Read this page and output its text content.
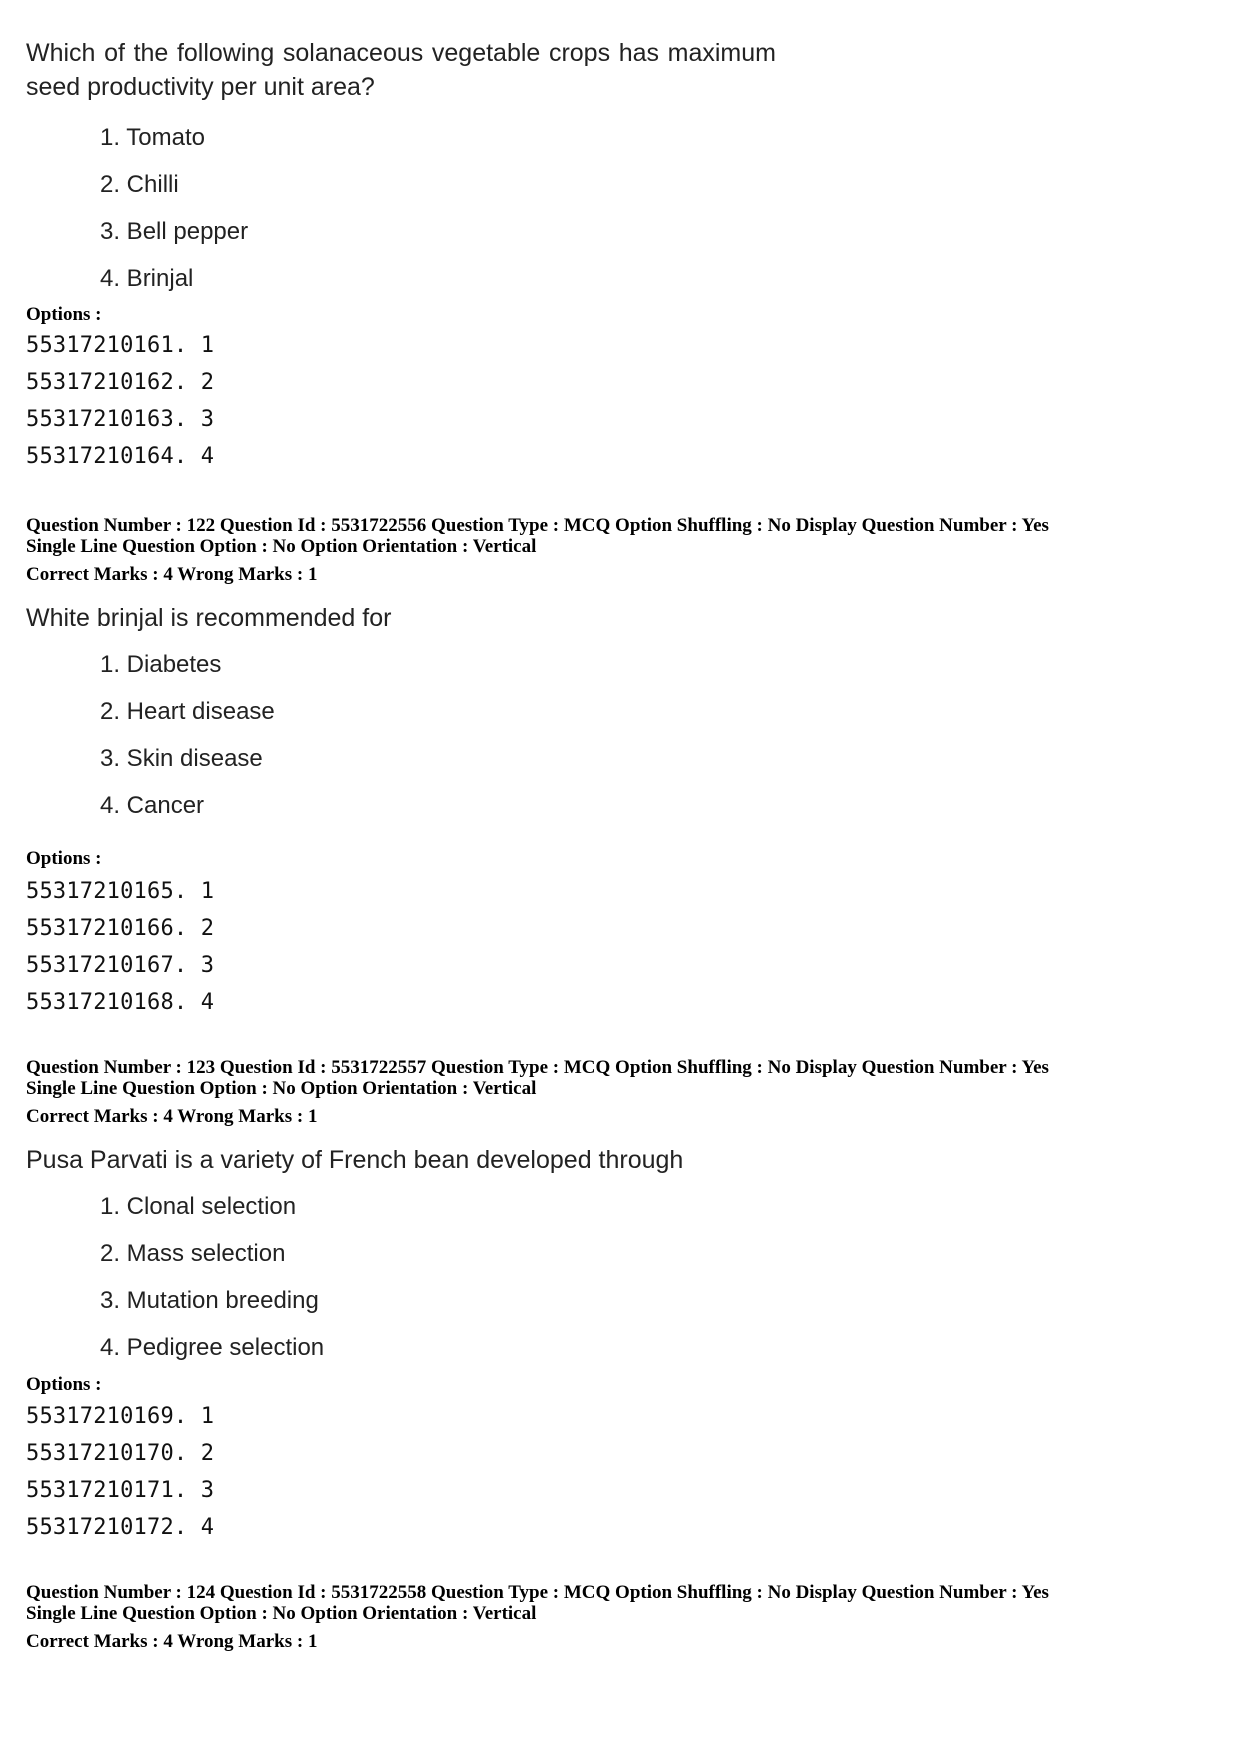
Which of the following solanaceous vegetable crops has maximum seed productivity per unit area?
1. Tomato
2. Chilli
3. Bell pepper
4. Brinjal
Options :
55317210161. 1
55317210162. 2
55317210163. 3
55317210164. 4
Question Number : 122 Question Id : 5531722556 Question Type : MCQ Option Shuffling : No Display Question Number : Yes
Single Line Question Option : No Option Orientation : Vertical
Correct Marks : 4 Wrong Marks : 1
White brinjal is recommended for
1. Diabetes
2. Heart disease
3. Skin disease
4. Cancer
Options :
55317210165. 1
55317210166. 2
55317210167. 3
55317210168. 4
Question Number : 123 Question Id : 5531722557 Question Type : MCQ Option Shuffling : No Display Question Number : Yes
Single Line Question Option : No Option Orientation : Vertical
Correct Marks : 4 Wrong Marks : 1
Pusa Parvati is a variety of French bean developed through
1. Clonal selection
2. Mass selection
3. Mutation breeding
4. Pedigree selection
Options :
55317210169. 1
55317210170. 2
55317210171. 3
55317210172. 4
Question Number : 124 Question Id : 5531722558 Question Type : MCQ Option Shuffling : No Display Question Number : Yes
Single Line Question Option : No Option Orientation : Vertical
Correct Marks : 4 Wrong Marks : 1
